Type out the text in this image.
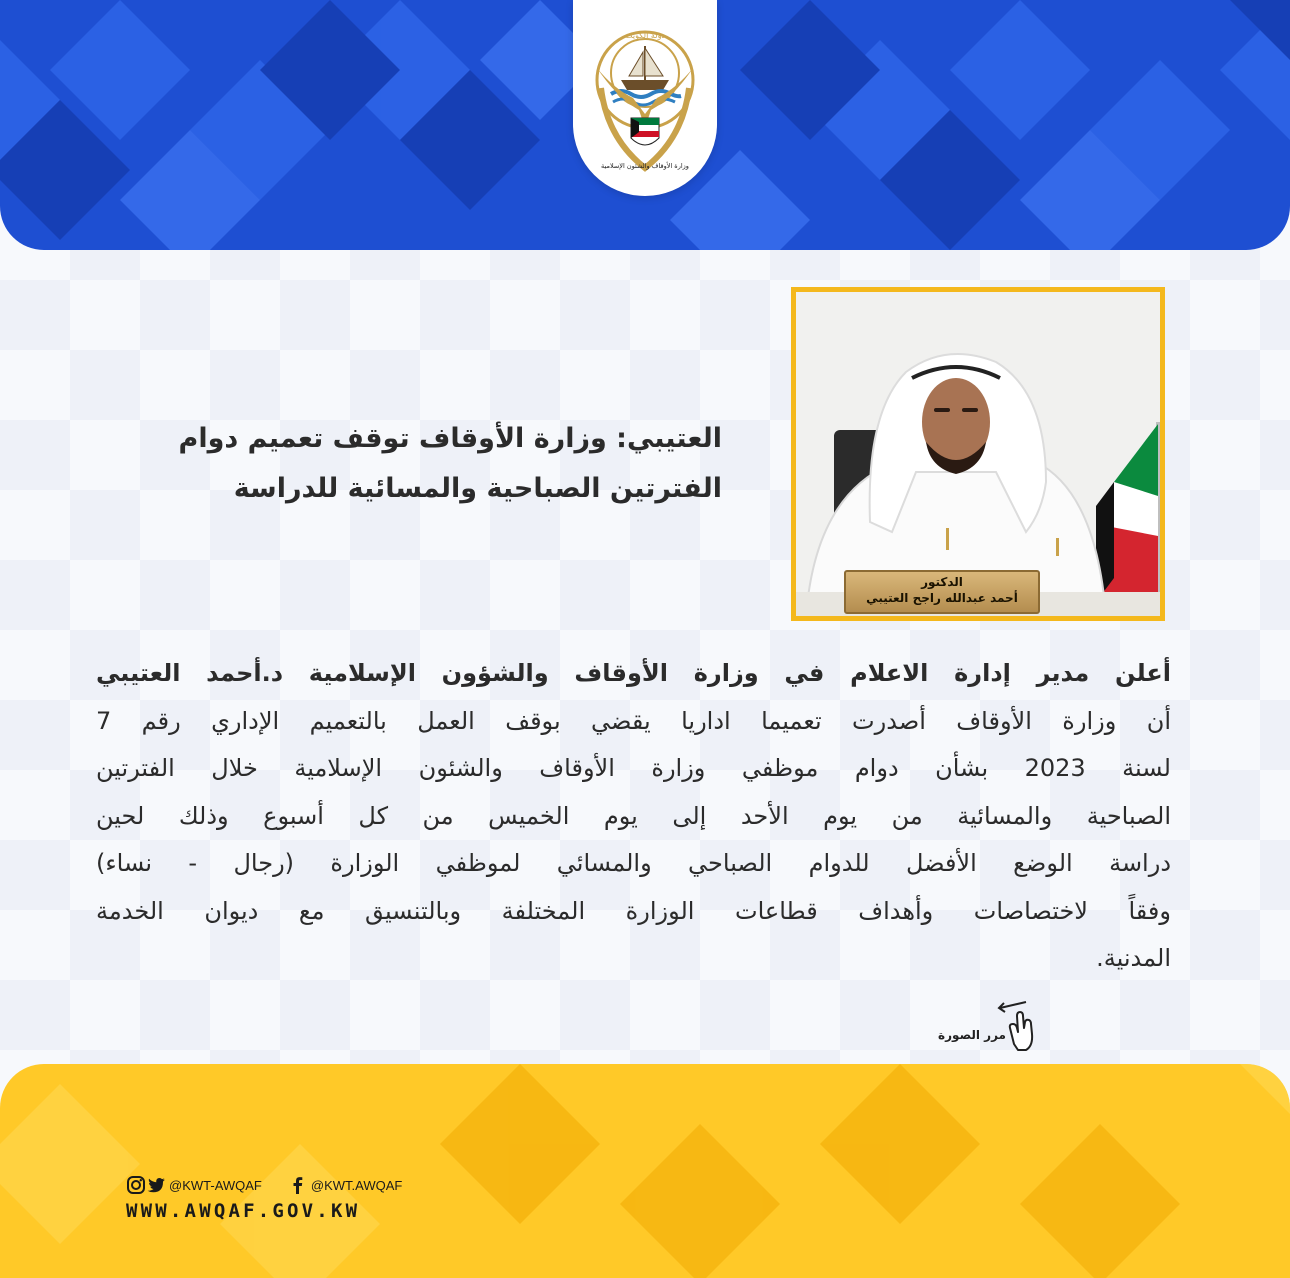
دولة الكويت
وزارة الأوقاف والشئون الإسلامية
الدكتور
أحمد عبدالله راجح العتيبي
العتيبي: وزارة الأوقاف توقف تعميم دوام
الفترتين الصباحية والمسائية للدراسة
أعلن مدير إدارة الاعلام في وزارة الأوقاف والشؤون الإسلامية د.أحمد العتيبي
أن وزارة الأوقاف أصدرت تعميما اداريا يقضي بوقف العمل بالتعميم الإداري رقم 7
لسنة 2023 بشأن دوام موظفي وزارة الأوقاف والشئون الإسلامية خلال الفترتين
الصباحية والمسائية من يوم الأحد إلى يوم الخميس من كل أسبوع وذلك لحين
دراسة الوضع الأفضل للدوام الصباحي والمسائي لموظفي الوزارة (رجال - نساء)
وفقاً لاختصاصات وأهداف قطاعات الوزارة المختلفة وبالتنسيق مع ديوان الخدمة
المدنية.
مرر الصورة
@KWT-AWQAF	@KWT.AWQAF
WWW.AWQAF.GOV.KW
